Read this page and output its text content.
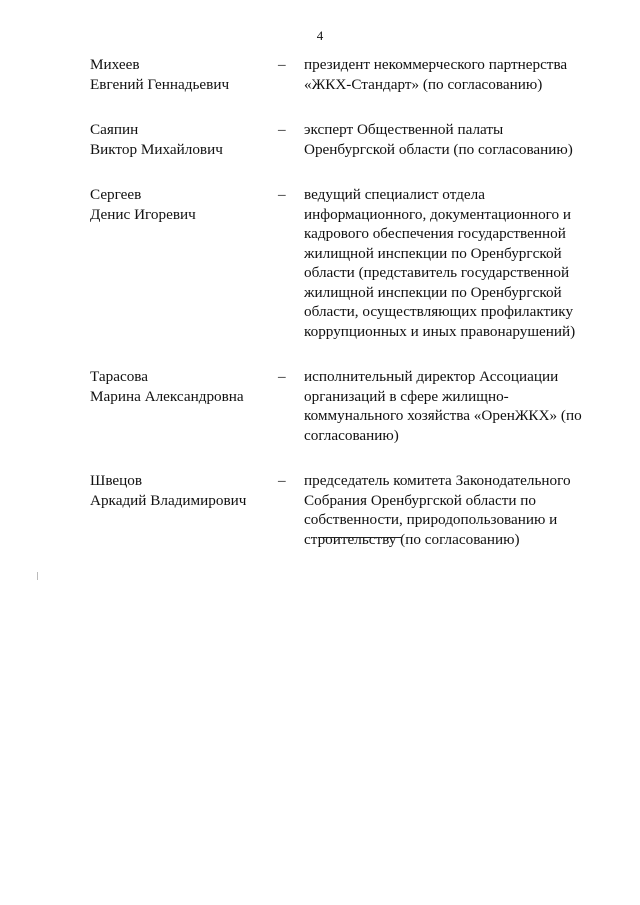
4
Михеев
Евгений Геннадьевич
–	президент некоммерческого партнерства «ЖКХ-Стандарт» (по согласованию)
Саяпин
Виктор Михайлович
–	эксперт Общественной палаты Оренбургской области (по согласованию)
Сергеев
Денис Игоревич
–	ведущий специалист отдела информационного, документационного и кадрового обеспечения государственной жилищной инспекции по Оренбургской области (представитель государственной жилищной инспекции по Оренбургской области, осуществляющих профилактику коррупционных и иных правонарушений)
Тарасова
Марина Александровна
–	исполнительный директор Ассоциации организаций в сфере жилищно-коммунального хозяйства «ОренЖКХ» (по согласованию)
Швецов
Аркадий Владимирович
–	председатель комитета Законодательного Собрания Оренбургской области по собственности, природопользованию и строительству (по согласованию)
